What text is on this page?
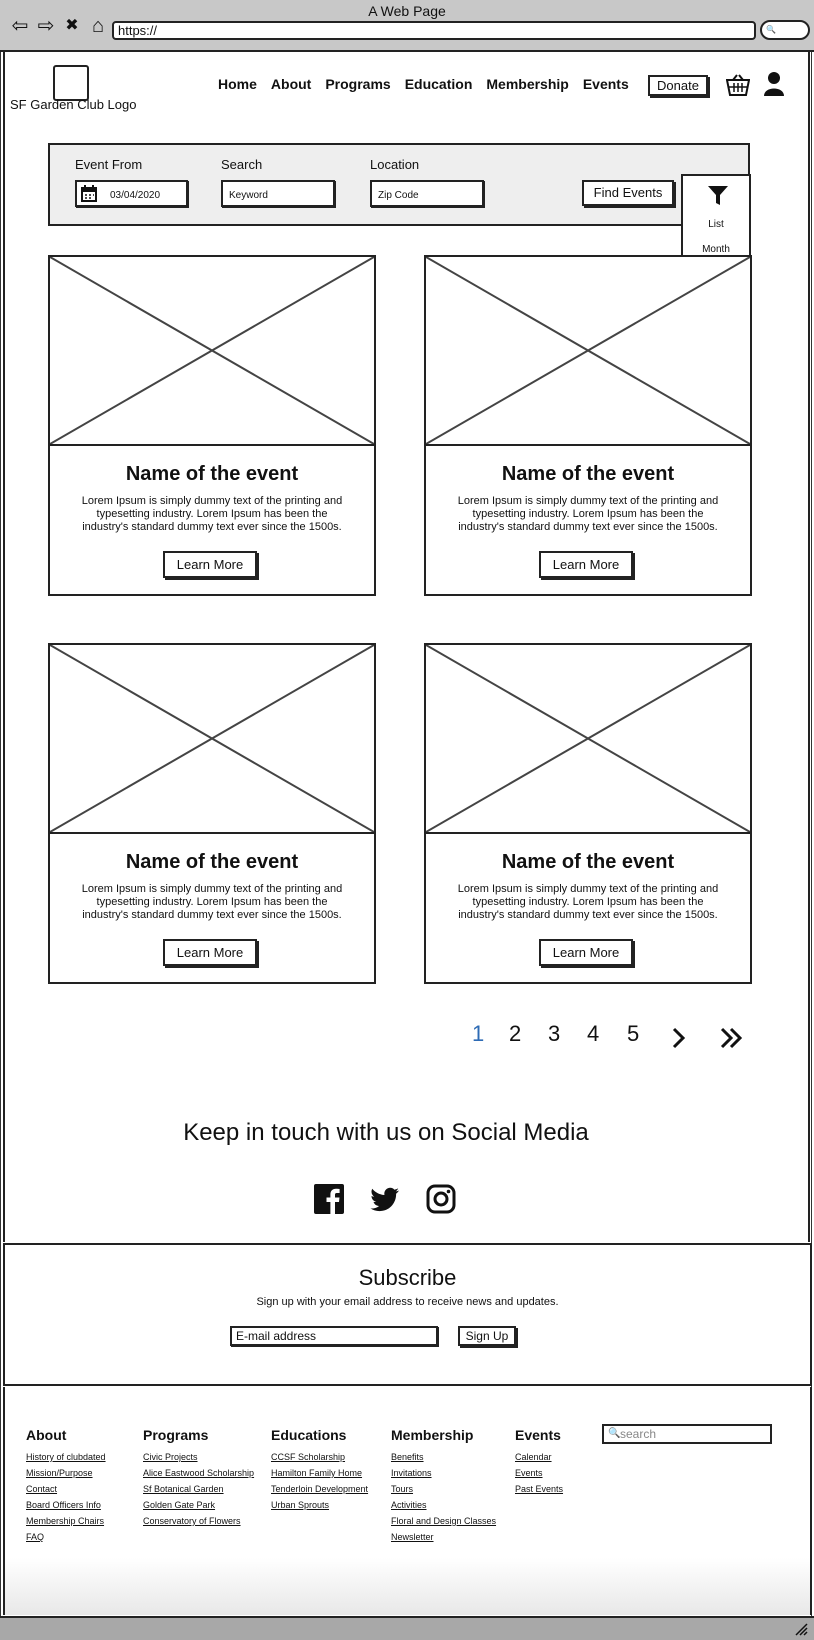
A Web Page
⇦ ⇨ ✖ ⌂	https://	🔍
SF Garden Club Logo
Home About Programs Education Membership Events	Donate
Event From
03/04/2020
Search
Keyword
Location
Zip Code	Find Events
List
Month
Name of the event
Lorem Ipsum is simply dummy text of the printing and typesetting industry. Lorem Ipsum has been the industry's standard dummy text ever since the 1500s.
Learn More
Name of the event
Lorem Ipsum is simply dummy text of the printing and typesetting industry. Lorem Ipsum has been the industry's standard dummy text ever since the 1500s.
Learn More
Name of the event
Lorem Ipsum is simply dummy text of the printing and typesetting industry. Lorem Ipsum has been the industry's standard dummy text ever since the 1500s.
Learn More
Name of the event
Lorem Ipsum is simply dummy text of the printing and typesetting industry. Lorem Ipsum has been the industry's standard dummy text ever since the 1500s.
Learn More
1 2 3 4 5
Keep in touch with us on Social Media
Subscribe
Sign up with your email address to receive news and updates.
E-mail address	Sign Up
About
History of clubdated
Mission/Purpose
Contact
Board Officers Info
Membership Chairs
FAQ
Programs
Civic Projects
Alice Eastwood Scholarship
Sf Botanical Garden
Golden Gate Park
Conservatory of Flowers
Educations
CCSF Scholarship
Hamilton Family Home
Tenderloin Development
Urban Sprouts
Membership
Benefits
Invitations
Tours
Activities
Floral and Design Classes
Newsletter
Events
Calendar
Events
Past Events
🔍 search
